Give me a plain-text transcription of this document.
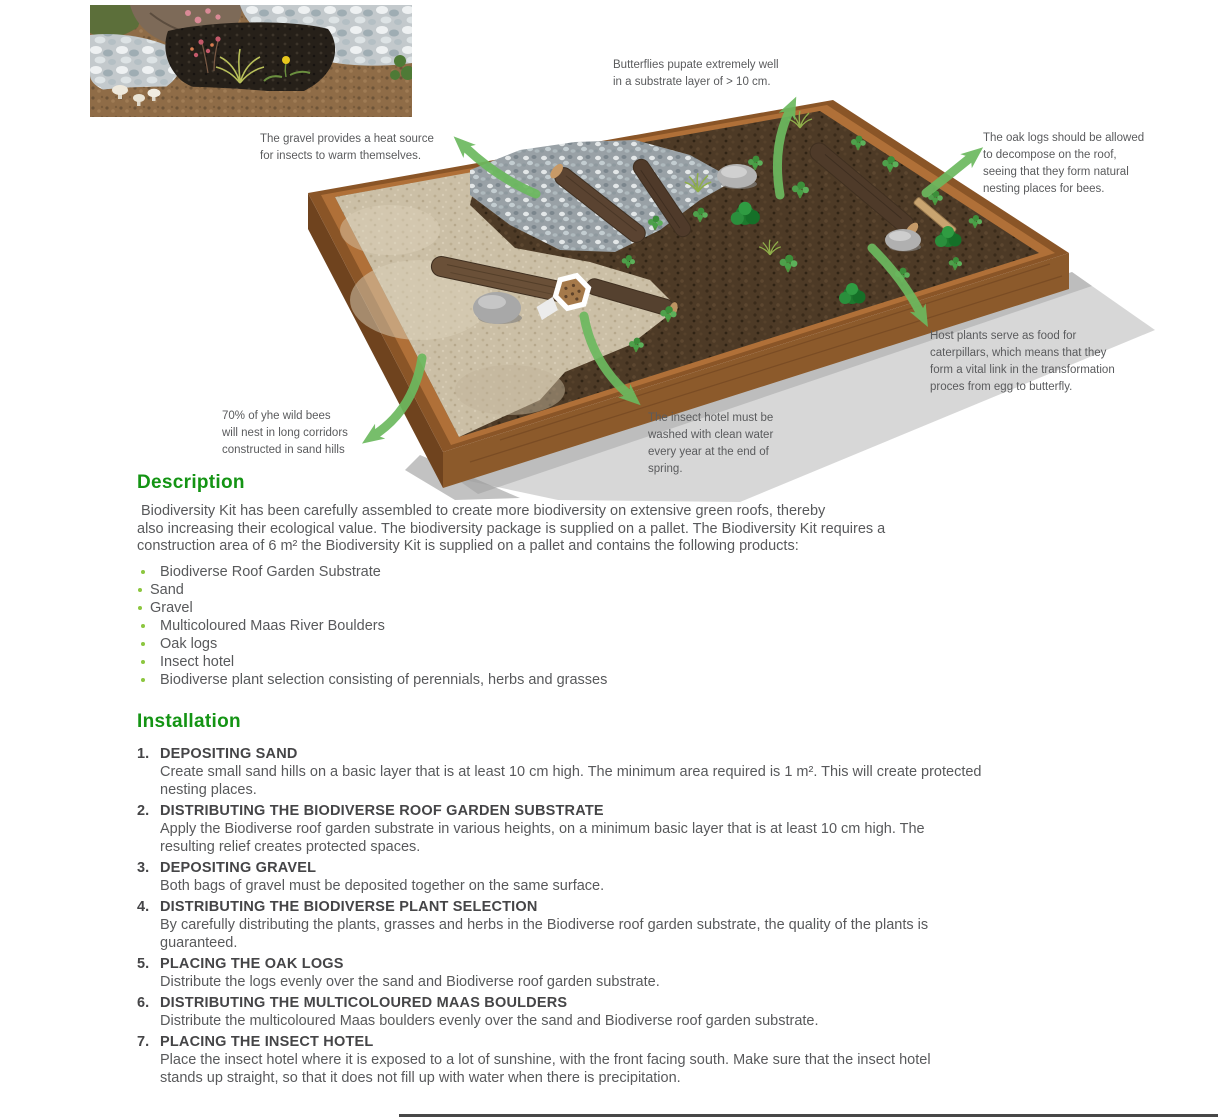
Butterflies pupate extremely well
in a substrate layer of > 10 cm.
The gravel provides a heat source
for insects to warm themselves.
The oak logs should be allowed
to decompose on the roof,
seeing that they form natural
nesting places for bees.
Host plants serve as food for
caterpillars, which means that they
form a vital link in the transformation
proces from egg to butterfly.
70% of yhe wild bees
will nest in long corridors
constructed in sand hills
The insect hotel must be
washed with clean water
every year at the end of
spring.
Description
Biodiversity Kit has been carefully assembled to create more biodiversity on extensive green roofs, thereby
also increasing their ecological value. The biodiversity package is supplied on a pallet. The Biodiversity Kit requires a
construction area of 6 m² the Biodiversity Kit is supplied on a pallet and contains the following products:
Biodiverse Roof Garden Substrate
Sand
Gravel
Multicoloured Maas River Boulders
Oak logs
Insect hotel
Biodiverse plant selection consisting of perennials, herbs and grasses
Installation
1. DEPOSITING SAND
Create small sand hills on a basic layer that is at least 10 cm high. The minimum area required is 1 m². This will create protected
nesting places.
2. DISTRIBUTING THE BIODIVERSE ROOF GARDEN SUBSTRATE
Apply the Biodiverse roof garden substrate in various heights, on a minimum basic layer that is at least 10 cm high. The
resulting relief creates protected spaces.
3. DEPOSITING GRAVEL
Both bags of gravel must be deposited together on the same surface.
4. DISTRIBUTING THE BIODIVERSE PLANT SELECTION
By carefully distributing the plants, grasses and herbs in the Biodiverse roof garden substrate, the quality of the plants is
guaranteed.
5. PLACING THE OAK LOGS
Distribute the logs evenly over the sand and Biodiverse roof garden substrate.
6. DISTRIBUTING THE MULTICOLOURED MAAS BOULDERS
Distribute the multicoloured Maas boulders evenly over the sand and Biodiverse roof garden substrate.
7. PLACING THE INSECT HOTEL
Place the insect hotel where it is exposed to a lot of sunshine, with the front facing south. Make sure that the insect hotel
stands up straight, so that it does not fill up with water when there is precipitation.
